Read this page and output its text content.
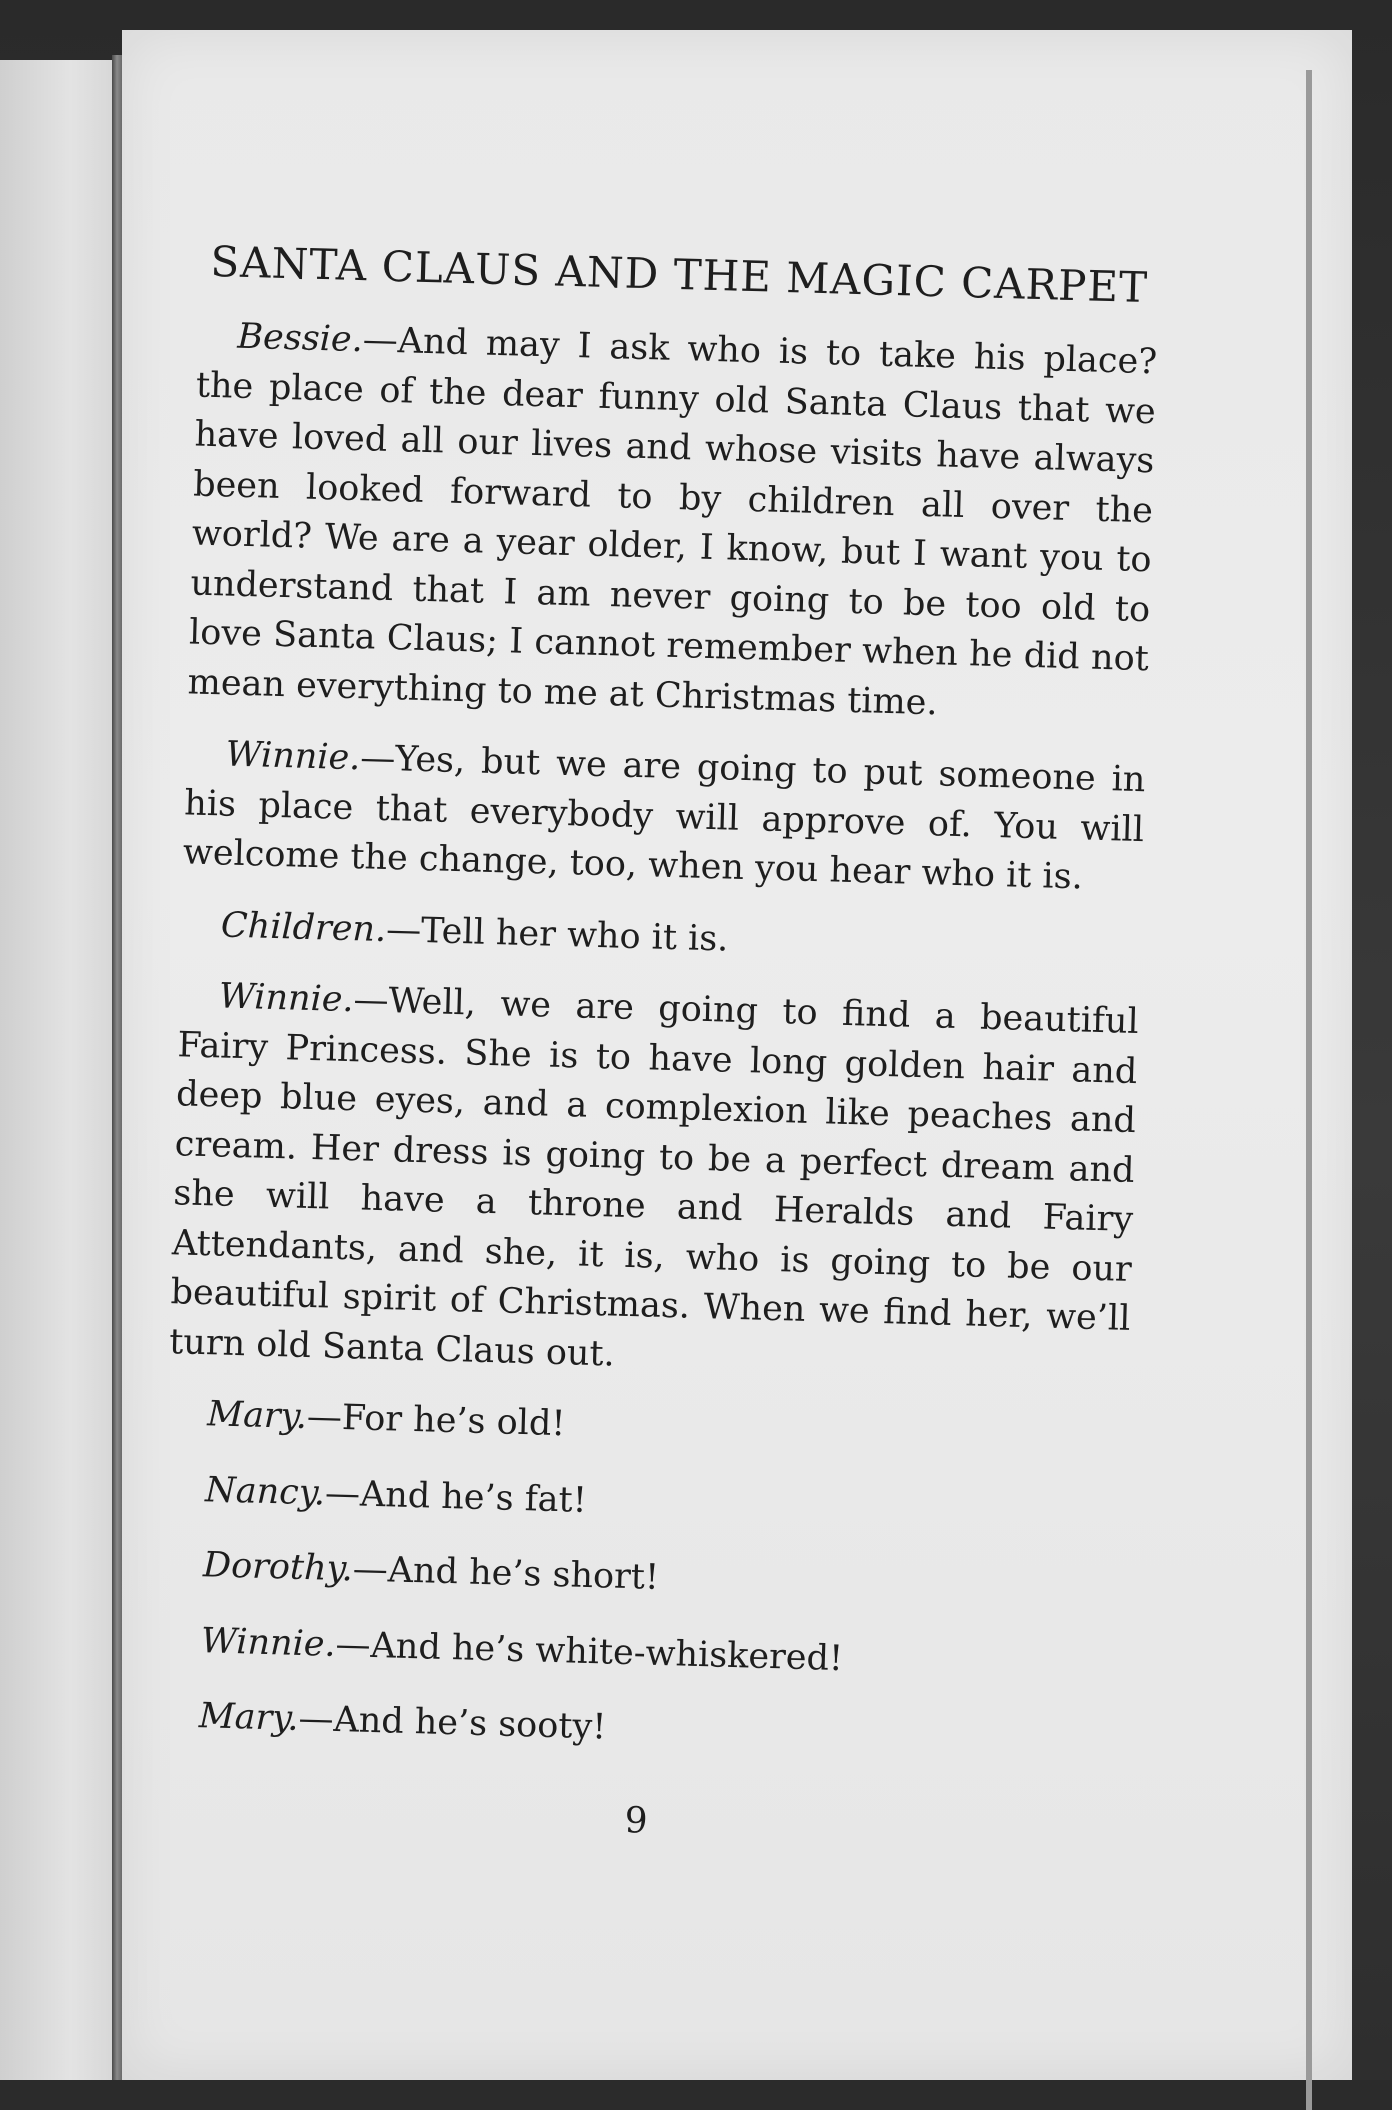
SANTA CLAUS AND THE MAGIC CARPET

Bessie.—And may I ask who is to take his place? the place of the dear funny old Santa Claus that we have loved all our lives and whose visits have always been looked forward to by children all over the world? We are a year older, I know, but I want you to understand that I am never going to be too old to love Santa Claus; I cannot remember when he did not mean everything to me at Christmas time.

Winnie.—Yes, but we are going to put someone in his place that everybody will approve of. You will welcome the change, too, when you hear who it is.

Children.—Tell her who it is.

Winnie.—Well, we are going to find a beautiful Fairy Princess. She is to have long golden hair and deep blue eyes, and a complexion like peaches and cream. Her dress is going to be a perfect dream and she will have a throne and Heralds and Fairy Attendants, and she, it is, who is going to be our beautiful spirit of Christmas. When we find her, we’ll turn old Santa Claus out.

Mary.—For he’s old!

Nancy.—And he’s fat!

Dorothy.—And he’s short!

Winnie.—And he’s white-whiskered!

Mary.—And he’s sooty!

9
